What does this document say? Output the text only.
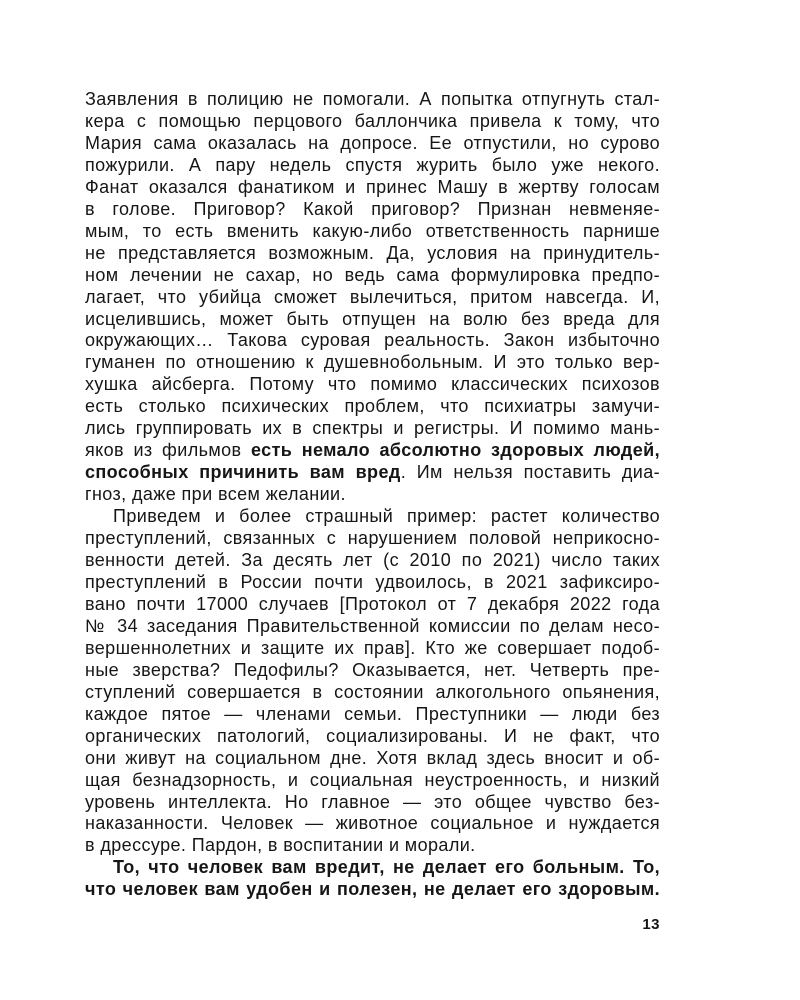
Заявления в полицию не помогали. А попытка отпугнуть стал-
кера с помощью перцового баллончика привела к тому, что
Мария сама оказалась на допросе. Ее отпустили, но сурово
пожурили. А пару недель спустя журить было уже некого.
Фанат оказался фанатиком и принес Машу в жертву голосам
в голове. Приговор? Какой приговор? Признан невменяе-
мым, то есть вменить какую-либо ответственность парнише
не представляется возможным. Да, условия на принудитель-
ном лечении не сахар, но ведь сама формулировка предпо-
лагает, что убийца сможет вылечиться, притом навсегда. И,
исцелившись, может быть отпущен на волю без вреда для
окружающих… Такова суровая реальность. Закон избыточно
гуманен по отношению к душевнобольным. И это только вер-
хушка айсберга. Потому что помимо классических психозов
есть столько психических проблем, что психиатры замучи-
лись группировать их в спектры и регистры. И помимо мань-
яков из фильмов есть немало абсолютно здоровых людей,
способных причинить вам вред. Им нельзя поставить диа-
гноз, даже при всем желании.
Приведем и более страшный пример: растет количество
преступлений, связанных с нарушением половой неприкосно-
венности детей. За десять лет (с 2010 по 2021) число таких
преступлений в России почти удвоилось, в 2021 зафиксиро-
вано почти 17000 случаев [Протокол от 7 декабря 2022 года
№ 34 заседания Правительственной комиссии по делам несо-
вершеннолетних и защите их прав]. Кто же совершает подоб-
ные зверства? Педофилы? Оказывается, нет. Четверть пре-
ступлений совершается в состоянии алкогольного опьянения,
каждое пятое — членами семьи. Преступники — люди без
органических патологий, социализированы. И не факт, что
они живут на социальном дне. Хотя вклад здесь вносит и об-
щая безнадзорность, и социальная неустроенность, и низкий
уровень интеллекта. Но главное — это общее чувство без-
наказанности. Человек — животное социальное и нуждается
в дрессуре. Пардон, в воспитании и морали.
То, что человек вам вредит, не делает его больным. То,
что человек вам удобен и полезен, не делает его здоровым.
13
